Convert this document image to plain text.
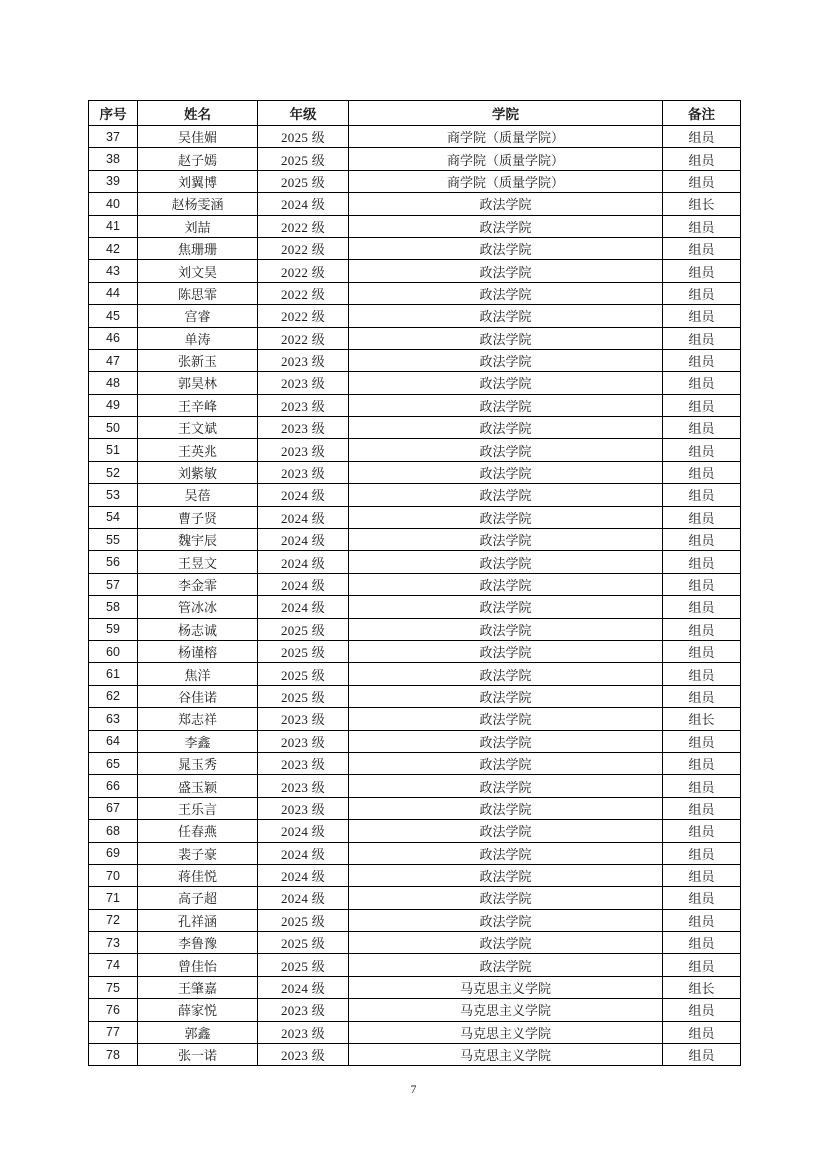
序号	姓名	年级	学院	备注
37	吴佳媚	2025 级	商学院（质量学院）	组员
38	赵子嫣	2025 级	商学院（质量学院）	组员
39	刘翼博	2025 级	商学院（质量学院）	组员
40	赵杨雯涵	2024 级	政法学院	组长
41	刘喆	2022 级	政法学院	组员
42	焦珊珊	2022 级	政法学院	组员
43	刘文昊	2022 级	政法学院	组员
44	陈思霏	2022 级	政法学院	组员
45	宫睿	2022 级	政法学院	组员
46	单涛	2022 级	政法学院	组员
47	张新玉	2023 级	政法学院	组员
48	郭昊林	2023 级	政法学院	组员
49	王辛峰	2023 级	政法学院	组员
50	王文斌	2023 级	政法学院	组员
51	王英兆	2023 级	政法学院	组员
52	刘紫敏	2023 级	政法学院	组员
53	吴蓓	2024 级	政法学院	组员
54	曹子贤	2024 级	政法学院	组员
55	魏宇辰	2024 级	政法学院	组员
56	王昱文	2024 级	政法学院	组员
57	李金霏	2024 级	政法学院	组员
58	管冰冰	2024 级	政法学院	组员
59	杨志诚	2025 级	政法学院	组员
60	杨谨榕	2025 级	政法学院	组员
61	焦洋	2025 级	政法学院	组员
62	谷佳诺	2025 级	政法学院	组员
63	郑志祥	2023 级	政法学院	组长
64	李鑫	2023 级	政法学院	组员
65	晁玉秀	2023 级	政法学院	组员
66	盛玉颖	2023 级	政法学院	组员
67	王乐言	2023 级	政法学院	组员
68	任春燕	2024 级	政法学院	组员
69	裴子豪	2024 级	政法学院	组员
70	蒋佳悦	2024 级	政法学院	组员
71	高子超	2024 级	政法学院	组员
72	孔祥涵	2025 级	政法学院	组员
73	李鲁豫	2025 级	政法学院	组员
74	曾佳怡	2025 级	政法学院	组员
75	王肇嘉	2024 级	马克思主义学院	组长
76	薛家悦	2023 级	马克思主义学院	组员
77	郭鑫	2023 级	马克思主义学院	组员
78	张一诺	2023 级	马克思主义学院	组员
7
